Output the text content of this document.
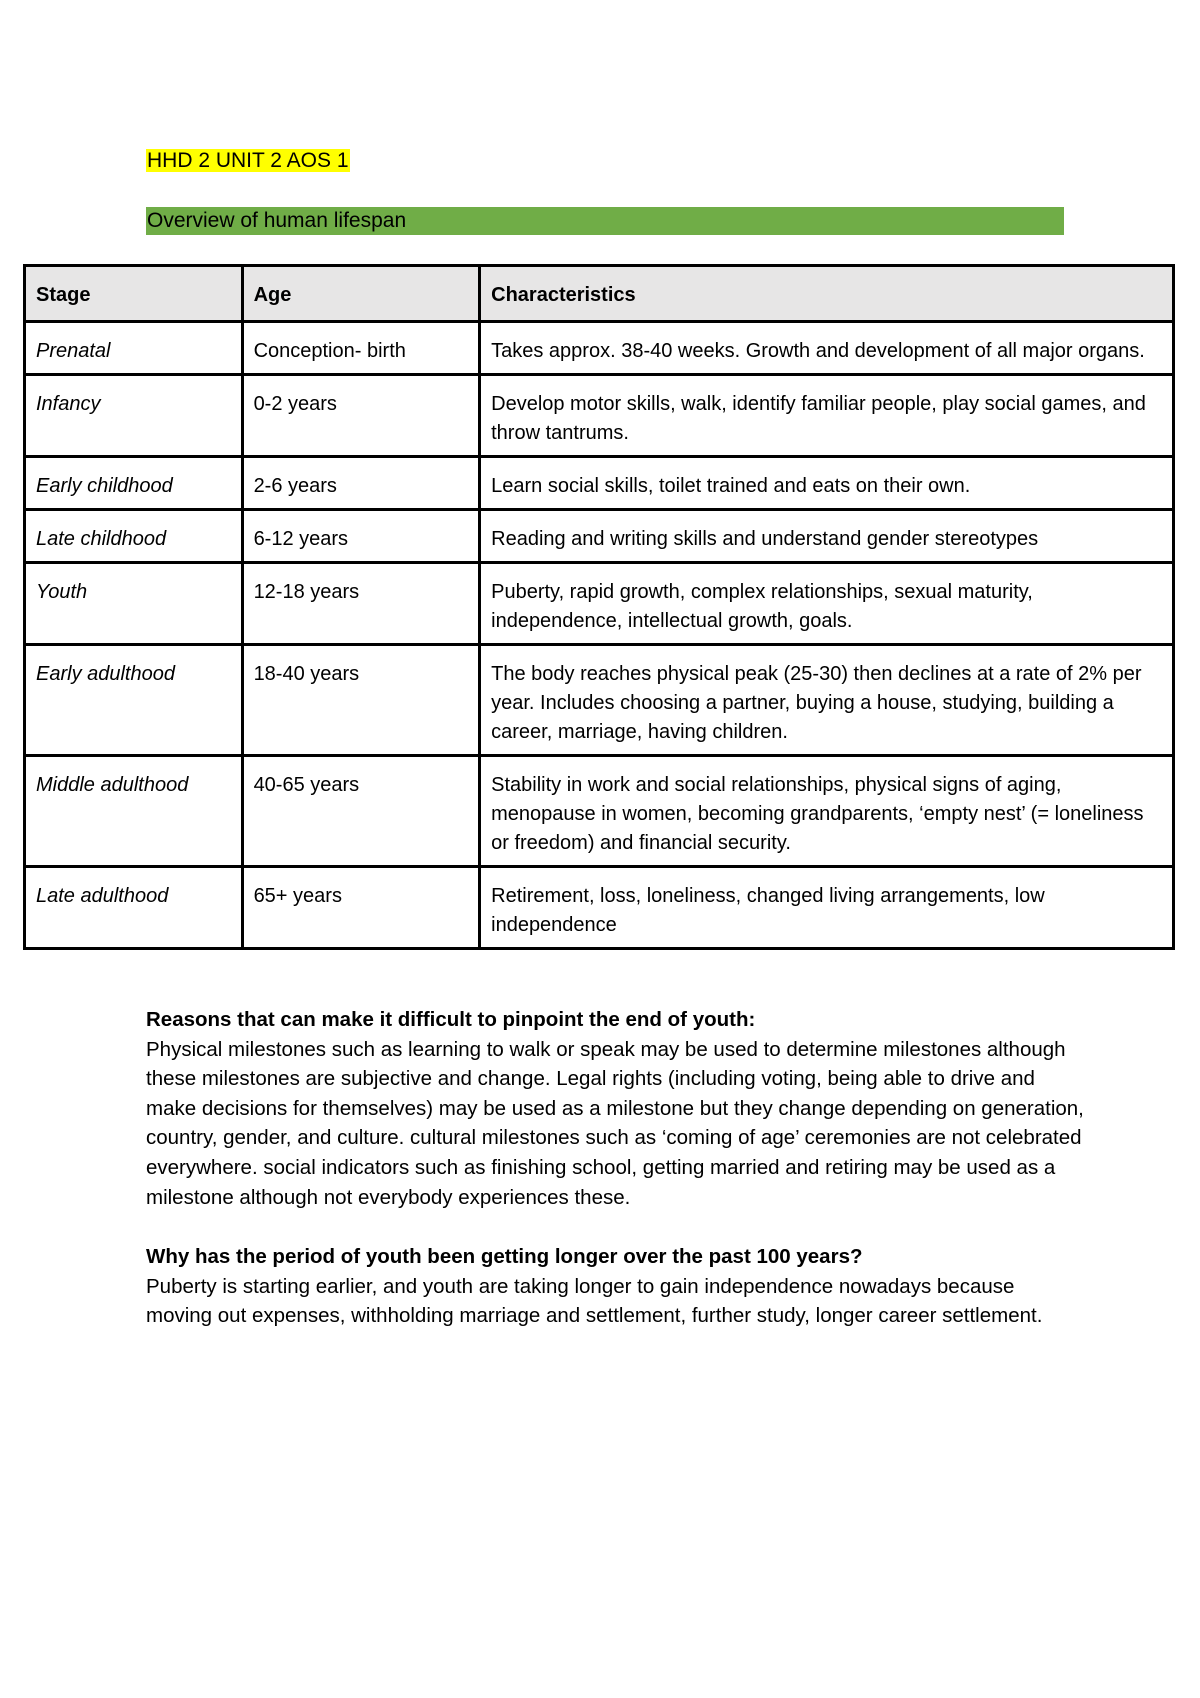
HHD 2 UNIT 2 AOS 1
Overview of human lifespan
Stage	Age	Characteristics
Prenatal	Conception- birth	Takes approx. 38-40 weeks. Growth and development of all major organs.
Infancy	0-2 years	Develop motor skills, walk, identify familiar people, play social games, and throw tantrums.
Early childhood	2-6 years	Learn social skills, toilet trained and eats on their own.
Late childhood	6-12 years	Reading and writing skills and understand gender stereotypes
Youth	12-18 years	Puberty, rapid growth, complex relationships, sexual maturity, independence, intellectual growth, goals.
Early adulthood	18-40 years	The body reaches physical peak (25-30) then declines at a rate of 2% per year. Includes choosing a partner, buying a house, studying, building a career, marriage, having children.
Middle adulthood	40-65 years	Stability in work and social relationships, physical signs of aging, menopause in women, becoming grandparents, ‘empty nest’ (= loneliness or freedom) and financial security.
Late adulthood	65+ years	Retirement, loss, loneliness, changed living arrangements, low independence

Reasons that can make it difficult to pinpoint the end of youth:

Physical milestones such as learning to walk or speak may be used to determine milestones although these milestones are subjective and change. Legal rights (including voting, being able to drive and make decisions for themselves) may be used as a milestone but they change depending on generation, country, gender, and culture. cultural milestones such as ‘coming of age’ ceremonies are not celebrated everywhere. social indicators such as finishing school, getting married and retiring may be used as a milestone although not everybody experiences these.

Why has the period of youth been getting longer over the past 100 years?

Puberty is starting earlier, and youth are taking longer to gain independence nowadays because moving out expenses, withholding marriage and settlement, further study, longer career settlement.
